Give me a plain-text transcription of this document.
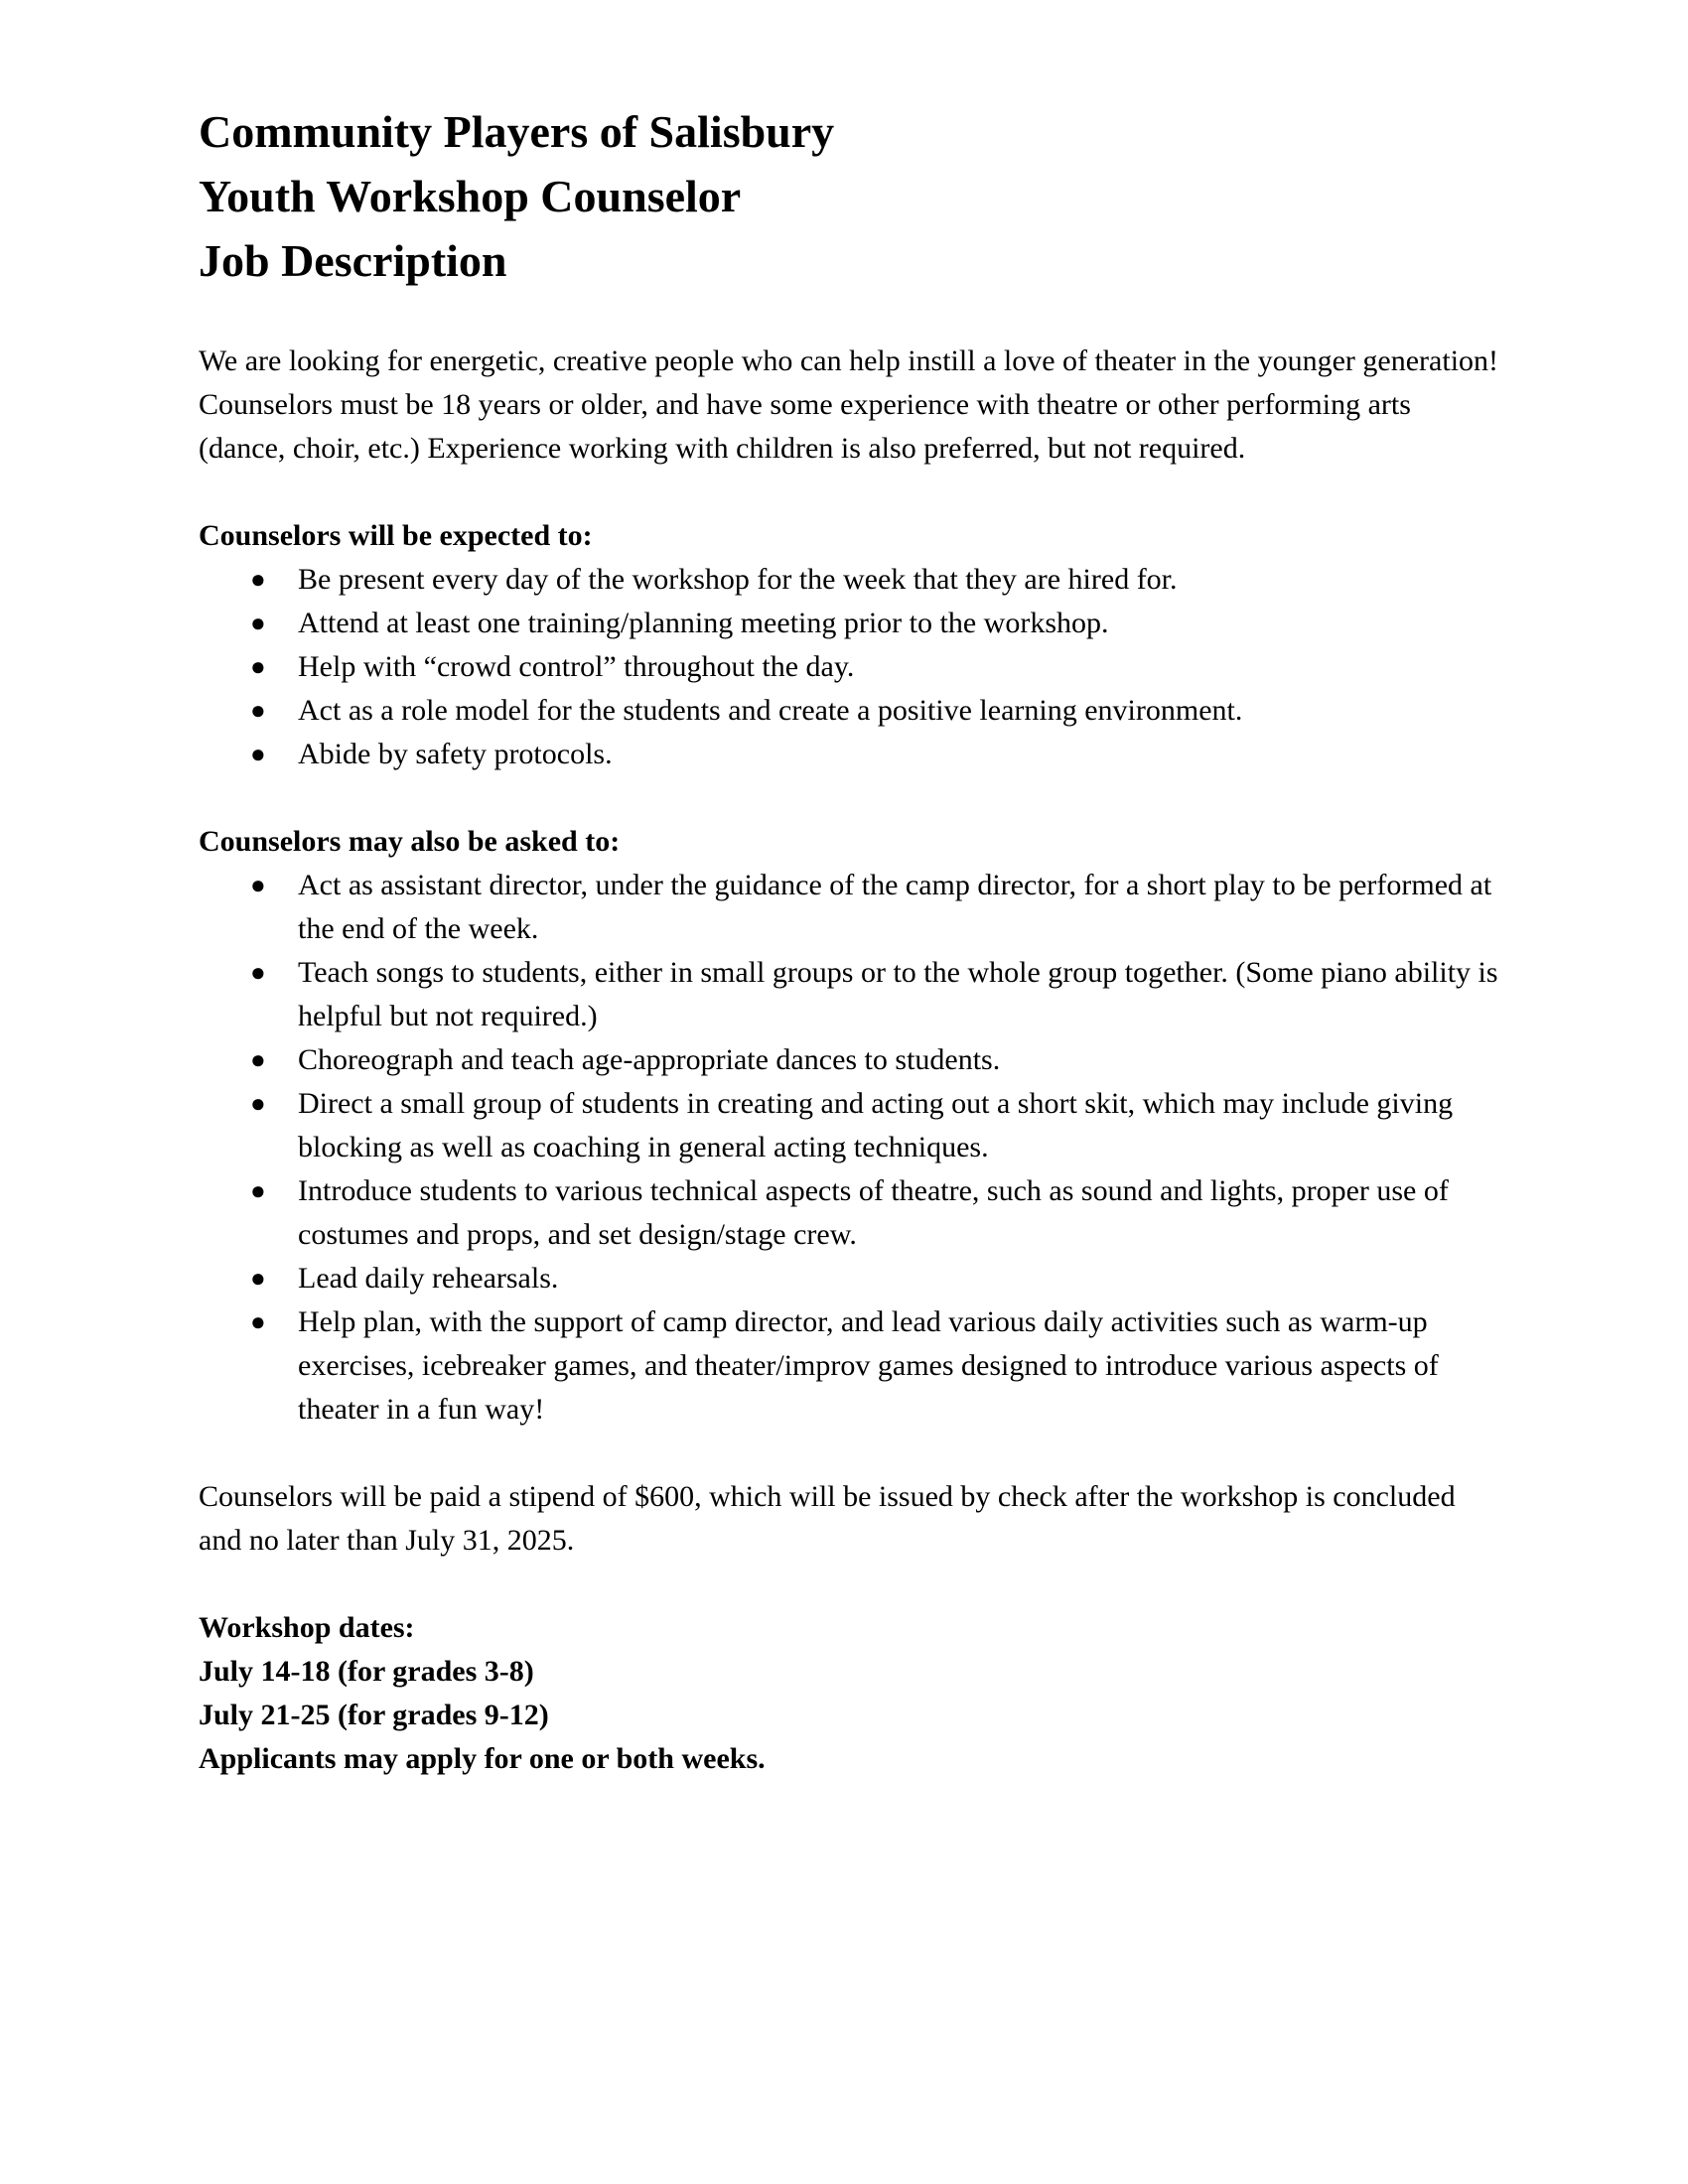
Community Players of Salisbury
Youth Workshop Counselor
Job Description

We are looking for energetic, creative people who can help instill a love of theater in the younger generation! Counselors must be 18 years or older, and have some experience with theatre or other performing arts (dance, choir, etc.) Experience working with children is also preferred, but not required.

Counselors will be expected to:
● Be present every day of the workshop for the week that they are hired for.
● Attend at least one training/planning meeting prior to the workshop.
● Help with “crowd control” throughout the day.
● Act as a role model for the students and create a positive learning environment.
● Abide by safety protocols.
Counselors may also be asked to:
● Act as assistant director, under the guidance of the camp director, for a short play to be performed at the end of the week.
● Teach songs to students, either in small groups or to the whole group together. (Some piano ability is helpful but not required.)
● Choreograph and teach age-appropriate dances to students.
● Direct a small group of students in creating and acting out a short skit, which may include giving blocking as well as coaching in general acting techniques.
● Introduce students to various technical aspects of theatre, such as sound and lights, proper use of costumes and props, and set design/stage crew.
● Lead daily rehearsals.
● Help plan, with the support of camp director, and lead various daily activities such as warm-up exercises, icebreaker games, and theater/improv games designed to introduce various aspects of theater in a fun way!

Counselors will be paid a stipend of $600, which will be issued by check after the workshop is concluded and no later than July 31, 2025.

Workshop dates:
July 14-18 (for grades 3-8)
July 21-25 (for grades 9-12)
Applicants may apply for one or both weeks.
